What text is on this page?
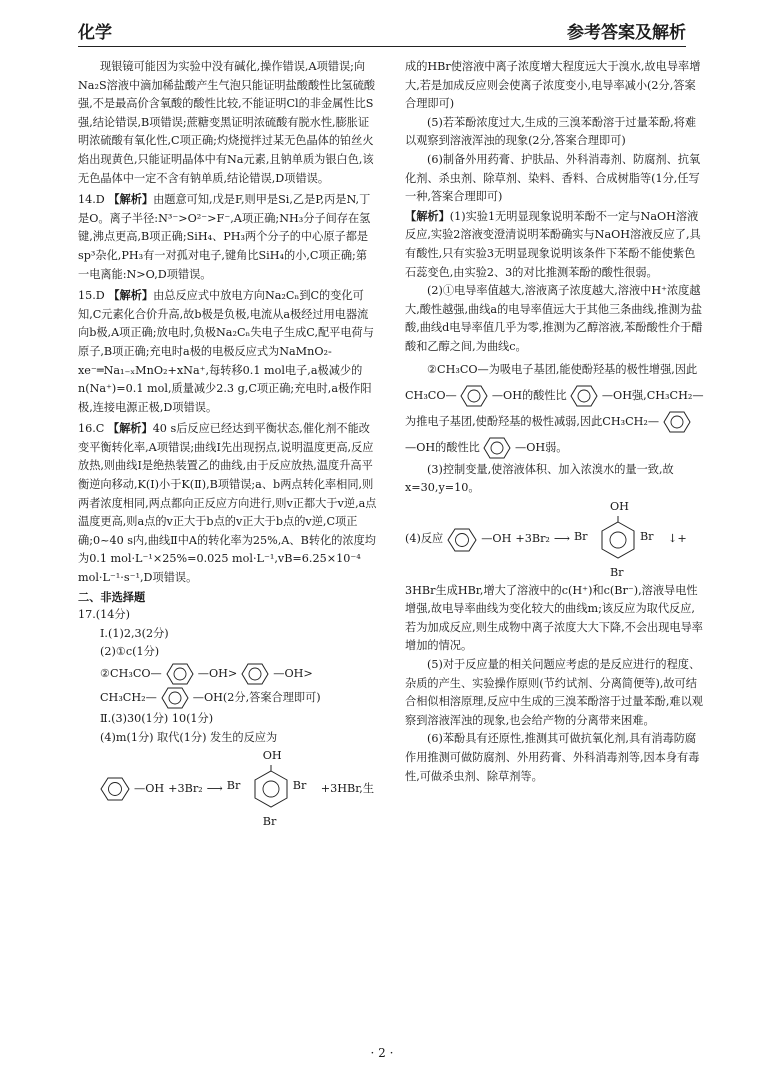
化学	参考答案及解析

现银镜可能因为实验中没有碱化,操作错误,A项错误;向Na₂S溶液中滴加稀盐酸产生气泡只能证明盐酸酸性比氢硫酸强,不是最高价含氧酸的酸性比较,不能证明Cl的非金属性比S强,结论错误,B项错误;蔗糖变黑证明浓硫酸有脱水性,膨胀证明浓硫酸有氧化性,C项正确;灼烧搅拌过某无色晶体的铂丝火焰出现黄色,只能证明晶体中有Na元素,且钠单质为银白色,该无色晶体中一定不含有钠单质,结论错误,D项错误。

14.D 【解析】由题意可知,戊是F,则甲是Si,乙是P,丙是N,丁是O。离子半径:N³⁻>O²⁻>F⁻,A项正确;NH₃分子间存在氢键,沸点更高,B项正确;SiH₄、PH₃两个分子的中心原子都是sp³杂化,PH₃有一对孤对电子,键角比SiH₄的小,C项正确;第一电离能:N>O,D项错误。

15.D 【解析】由总反应式中放电方向Na₂Cₙ到C的变化可知,C元素化合价升高,故b极是负极,电流从a极经过用电器流向b极,A项正确;放电时,负极Na₂Cₙ失电子生成C,配平电荷与原子,B项正确;充电时a极的电极反应式为NaMnO₂-xe⁻═Na₁₋ₓMnO₂+xNa⁺,每转移0.1 mol电子,a极减少的n(Na⁺)=0.1 mol,质量减少2.3 g,C项正确;充电时,a极作阳极,连接电源正极,D项错误。

16.C 【解析】40 s后反应已经达到平衡状态,催化剂不能改变平衡转化率,A项错误;曲线Ⅰ先出现拐点,说明温度更高,反应放热,则曲线Ⅰ是绝热装置乙的曲线,由于反应放热,温度升高平衡逆向移动,K(Ⅰ)小于K(Ⅱ),B项错误;a、b两点转化率相同,则两者浓度相同,两点都向正反应方向进行,则v正都大于v逆,a点温度更高,则a点的v正大于b点的v正大于b点的v逆,C项正确;0~40 s内,曲线Ⅱ中A的转化率为25%,A、B转化的浓度均为0.1 mol·L⁻¹×25%=0.025 mol·L⁻¹,vB=6.25×10⁻⁴ mol·L⁻¹·s⁻¹,D项错误。

二、非选择题

17.(14分)

Ⅰ.(1)2,3(2分)

(2)①c(1分)

②CH₃CO—	—OH>	—OH>
CH₃CH₂—	—OH(2分,答案合理即可)

Ⅱ.(3)30(1分) 10(1分)

(4)m(1分) 取代(1分) 发生的反应为

—OH +3Br₂ ⟶
OH
Br	Br
Br
+3HBr,生

成的HBr使溶液中离子浓度增大程度远大于溴水,故电导率增大,若是加成反应则会使离子浓度变小,电导率减小(2分,答案合理即可)

(5)若苯酚浓度过大,生成的三溴苯酚溶于过量苯酚,将难以观察到溶液浑浊的现象(2分,答案合理即可)

(6)制备外用药膏、护肤品、外科消毒剂、防腐剂、抗氧化剂、杀虫剂、除草剂、染料、香料、合成树脂等(1分,任写一种,答案合理即可)

【解析】(1)实验1无明显现象说明苯酚不一定与NaOH溶液反应,实验2溶液变澄清说明苯酚确实与NaOH溶液反应了,具有酸性,只有实验3无明显现象说明该条件下苯酚不能使紫色石蕊变色,由实验2、3的对比推测苯酚的酸性很弱。

(2)①电导率值越大,溶液离子浓度越大,溶液中H⁺浓度越大,酸性越强,曲线a的电导率值远大于其他三条曲线,推测为盐酸,曲线d电导率值几乎为零,推测为乙醇溶液,苯酚酸性介于醋酸和乙醇之间,为曲线c。

②CH₃CO—为吸电子基团,能使酚羟基的极性增强,因此CH₃CO—	—OH的酸性比	—OH强,CH₃CH₂—为推电子基团,使酚羟基的极性减弱,因此CH₃CH₂—  —OH的酸性比	—OH弱。

(3)控制变量,使溶液体积、加入浓溴水的量一致,故x=30,y=10。

(4)反应	—OH +3Br₂ ⟶
OH
Br	Br
Br
↓+

3HBr生成HBr,增大了溶液中的c(H⁺)和c(Br⁻),溶液导电性增强,故电导率曲线为变化较大的曲线m;该反应为取代反应,若为加成反应,则生成物中离子浓度大大下降,不会出现电导率增加的情况。

(5)对于反应量的相关问题应考虑的是反应进行的程度、杂质的产生、实验操作原则(节约试剂、分离简便等),故可结合相似相溶原理,反应中生成的三溴苯酚溶于过量苯酚,难以观察到溶液浑浊的现象,也会给产物的分离带来困难。

(6)苯酚具有还原性,推测其可做抗氧化剂,具有消毒防腐作用推测可做防腐剂、外用药膏、外科消毒剂等,因本身有毒性,可做杀虫剂、除草剂等。

· 2 ·
